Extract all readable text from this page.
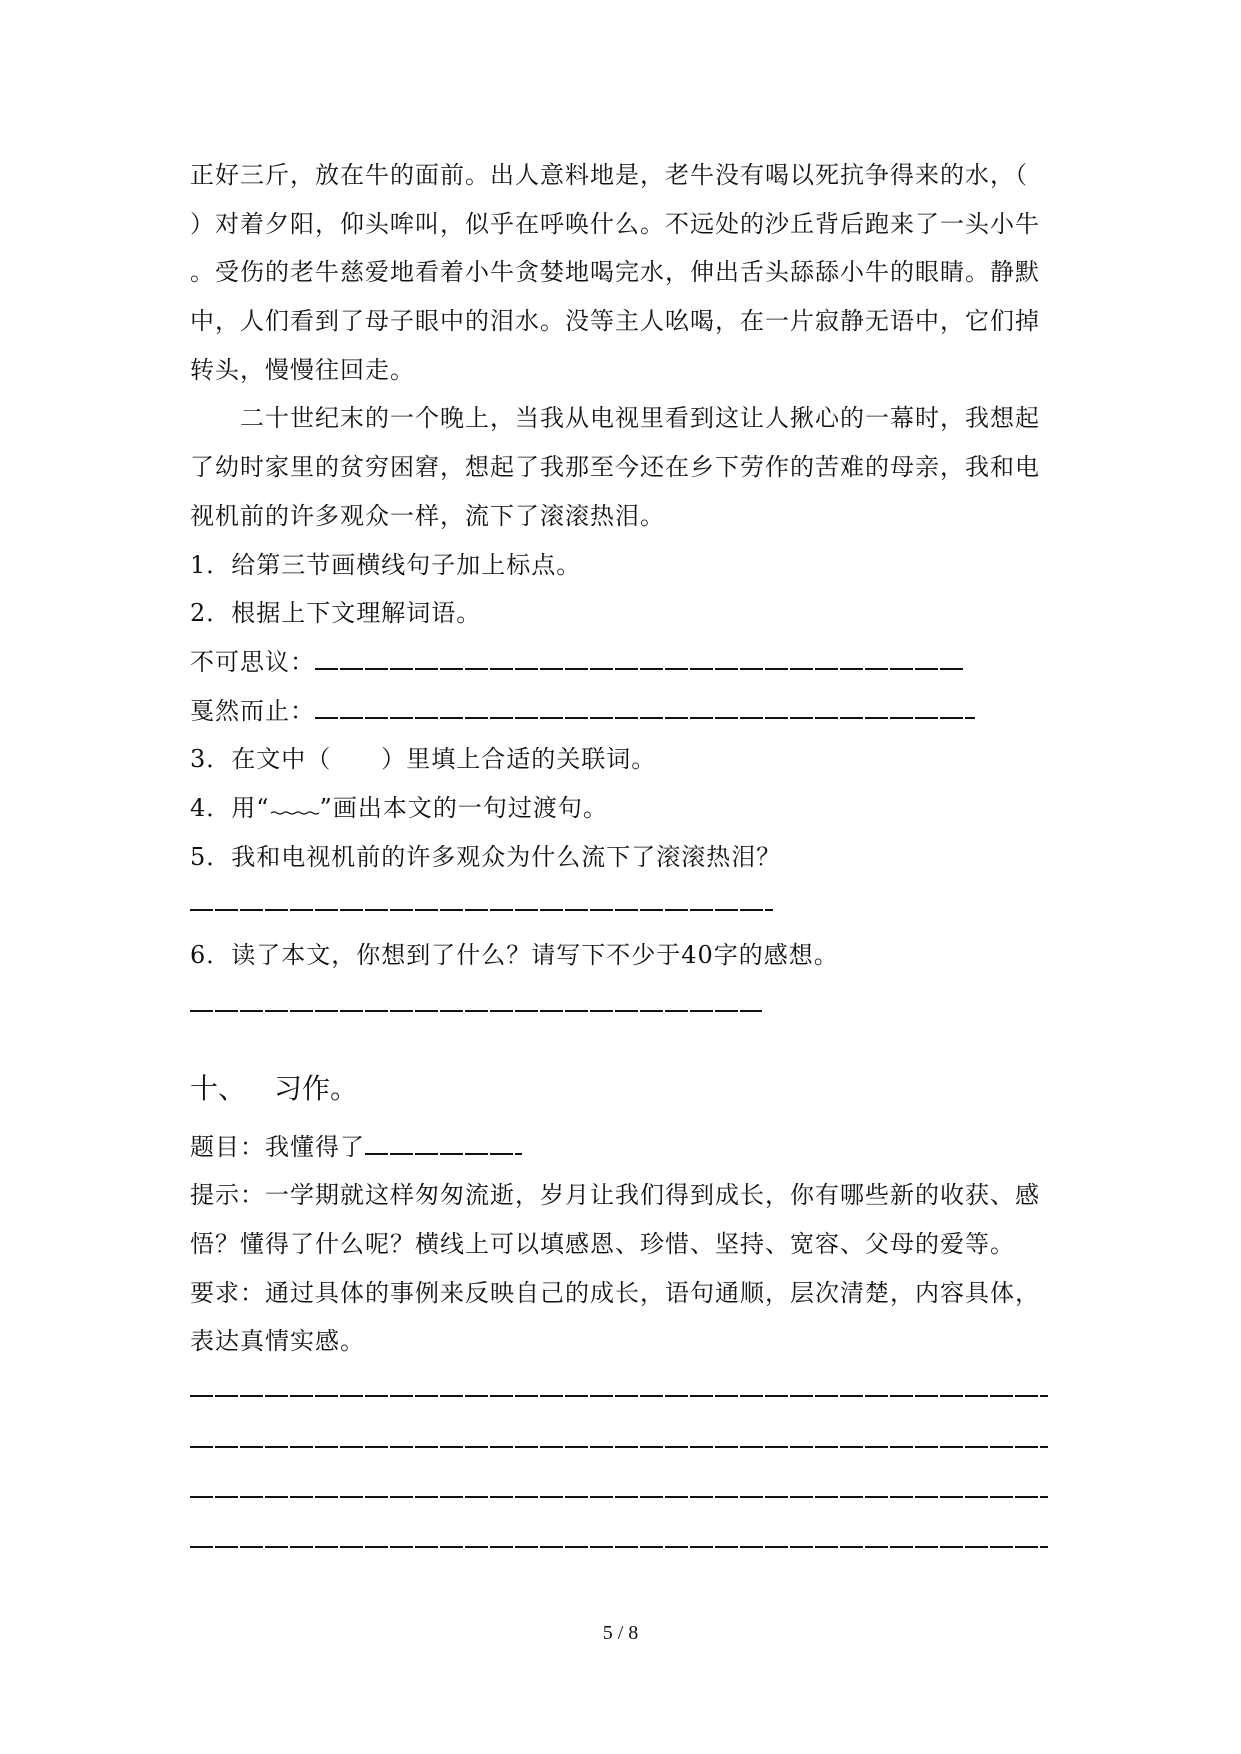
正好三斤，放在牛的面前。出人意料地是，老牛没有喝以死抗争得来的水，（
）对着夕阳，仰头哞叫，似乎在呼唤什么。不远处的沙丘背后跑来了一头小牛
。受伤的老牛慈爱地看着小牛贪婪地喝完水，伸出舌头舔舔小牛的眼睛。静默
中，人们看到了母子眼中的泪水。没等主人吆喝，在一片寂静无语中，它们掉
转头，慢慢往回走。
二十世纪末的一个晚上，当我从电视里看到这让人揪心的一幕时，我想起
了幼时家里的贫穷困窘，想起了我那至今还在乡下劳作的苦难的母亲，我和电
视机前的许多观众一样，流下了滚滚热泪。
1．给第三节画横线句子加上标点。
2．根据上下文理解词语。
不可思议：
戛然而止：
3．在文中（　　）里填上合适的关联词。
4．用“ ”画出本文的一句过渡句。
5．我和电视机前的许多观众为什么流下了滚滚热泪？
6．读了本文，你想到了什么？请写下不少于40字的感想。
十、 习作。
题目：我懂得了
提示：一学期就这样匆匆流逝，岁月让我们得到成长，你有哪些新的收获、感
悟？懂得了什么呢？横线上可以填感恩、珍惜、坚持、宽容、父母的爱等。
要求：通过具体的事例来反映自己的成长，语句通顺，层次清楚，内容具体，
表达真情实感。
5 / 8
